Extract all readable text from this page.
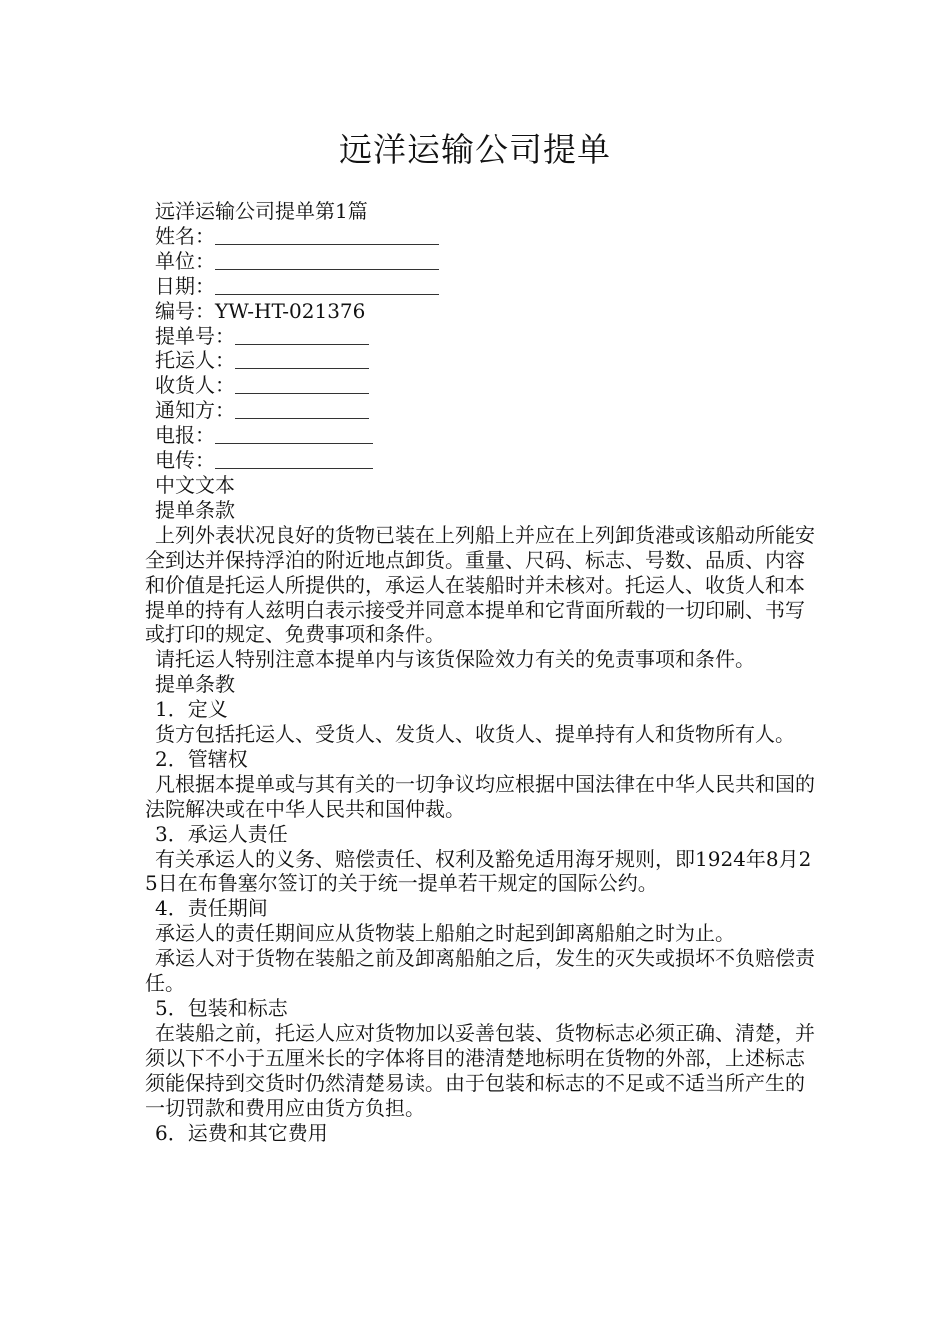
远洋运输公司提单
远洋运输公司提单第1篇
姓名：
单位：
日期：
编号：YW-HT-021376
提单号：
托运人：
收货人：
通知方：
电报：
电传：
中文文本
提单条款
上列外表状况良好的货物已装在上列船上并应在上列卸货港或该船动所能安全到达并保持浮泊的附近地点卸货。重量、尺码、标志、号数、品质、内容和价值是托运人所提供的，承运人在装船时并未核对。托运人、收货人和本提单的持有人兹明白表示接受并同意本提单和它背面所载的一切印刷、书写或打印的规定、免费事项和条件。
请托运人特别注意本提单内与该货保险效力有关的免责事项和条件。
提单条教
1．定义
货方包括托运人、受货人、发货人、收货人、提单持有人和货物所有人。
2．管辖权
凡根据本提单或与其有关的一切争议均应根据中国法律在中华人民共和国的法院解决或在中华人民共和国仲裁。
3．承运人责任
有关承运人的义务、赔偿责任、权利及豁免适用海牙规则，即1924年8月25日在布鲁塞尔签订的关于统一提单若干规定的国际公约。
4．责任期间
承运人的责任期间应从货物装上船舶之时起到卸离船舶之时为止。
承运人对于货物在装船之前及卸离船舶之后，发生的灭失或损坏不负赔偿责任。
5．包装和标志
在装船之前，托运人应对货物加以妥善包装、货物标志必须正确、清楚，并须以下不小于五厘米长的字体将目的港清楚地标明在货物的外部，上述标志须能保持到交货时仍然清楚易读。由于包装和标志的不足或不适当所产生的一切罚款和费用应由货方负担。
6．运费和其它费用
